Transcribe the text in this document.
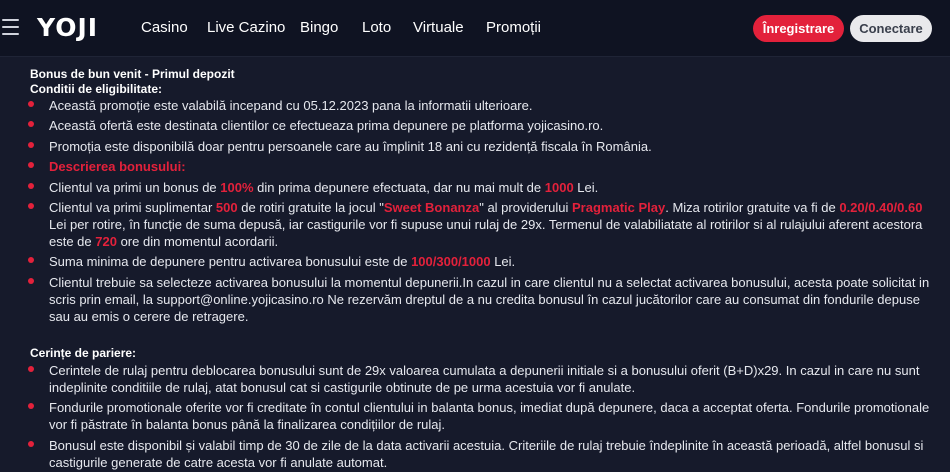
YOJI	Casino Live Cazino Bingo Loto Virtuale Promoții	Înregistrare	Conectare
Bonus de bun venit - Primul depozit
Conditii de eligibilitate:
Această promoție este valabilă incepand cu 05.12.2023 pana la informatii ulterioare.
Această ofertă este destinata clientilor ce efectueaza prima depunere pe platforma yojicasino.ro.
Promoția este disponibilă doar pentru persoanele care au împlinit 18 ani cu rezidență fiscala în România.
Descrierea bonusului:
Clientul va primi un bonus de 100% din prima depunere efectuata, dar nu mai mult de 1000 Lei.
Clientul va primi suplimentar 500 de rotiri gratuite la jocul "Sweet Bonanza" al providerului Pragmatic Play. Miza rotirilor gratuite va fi de 0.20/0.40/0.60 Lei per rotire, în funcție de suma depusă, iar castigurile vor fi supuse unui rulaj de 29x. Termenul de valabiliatate al rotirilor si al rulajului aferent acestora este de 720 ore din momentul acordarii.
Suma minima de depunere pentru activarea bonusului este de 100/300/1000 Lei.
Clientul trebuie sa selecteze activarea bonusului la momentul depunerii.In cazul in care clientul nu a selectat activarea bonusului, acesta poate solicitat in scris prin email, la support@online.yojicasino.ro Ne rezervăm dreptul de a nu credita bonusul în cazul jucătorilor care au consumat din fondurile depuse sau au emis o cerere de retragere.
Cerințe de pariere:
Cerintele de rulaj pentru deblocarea bonusului sunt de 29x valoarea cumulata a depunerii initiale si a bonusului oferit (B+D)x29. In cazul in care nu sunt indeplinite conditiile de rulaj, atat bonusul cat si castigurile obtinute de pe urma acestuia vor fi anulate.
Fondurile promotionale oferite vor fi creditate în contul clientului in balanta bonus, imediat după depunere, daca a acceptat oferta. Fondurile promotionale vor fi păstrate în balanta bonus până la finalizarea condițiilor de rulaj.
Bonusul este disponibil și valabil timp de 30 de zile de la data activarii acestuia. Criteriile de rulaj trebuie îndeplinite în această perioadă, altfel bonusul si castigurile generate de catre acesta vor fi anulate automat.
